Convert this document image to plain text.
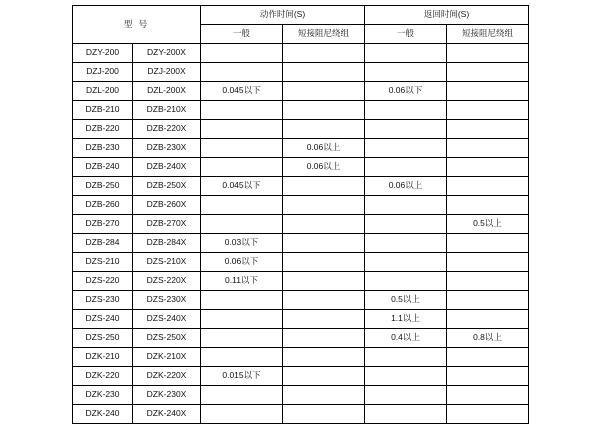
型 号		动作时间(S)		返回时间(S)	
		一般	短接阻尼绕组	一般	短接阻尼绕组
DZY-200	DZY-200X				
DZJ-200	DZJ-200X				
DZL-200	DZL-200X	0.045以下		0.06以下	
DZB-210	DZB-210X				
DZB-220	DZB-220X				
DZB-230	DZB-230X		0.06以上		
DZB-240	DZB-240X		0.06以上		
DZB-250	DZB-250X	0.045以下		0.06以上	
DZB-260	DZB-260X				
DZB-270	DZB-270X				0.5以上
DZB-284	DZB-284X	0.03以下			
DZS-210	DZS-210X	0.06以下			
DZS-220	DZS-220X	0.11以下			
DZS-230	DZS-230X			0.5以上	
DZS-240	DZS-240X			1.1以上	
DZS-250	DZS-250X			0.4以上	0.8以上
DZK-210	DZK-210X				
DZK-220	DZK-220X	0.015以下			
DZK-230	DZK-230X				
DZK-240	DZK-240X				
